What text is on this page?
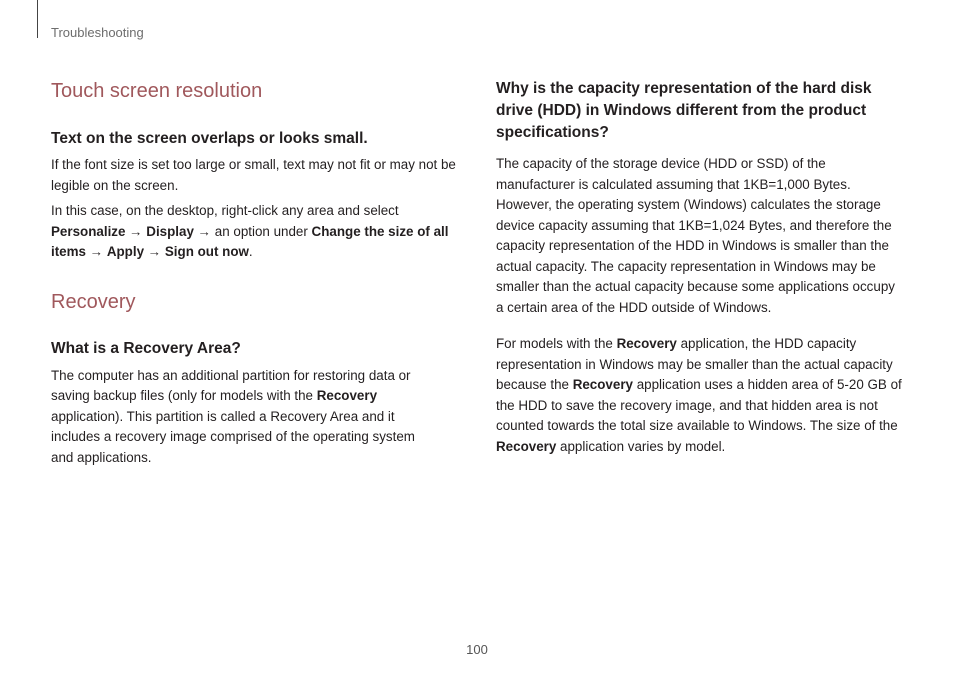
Troubleshooting
Touch screen resolution
Text on the screen overlaps or looks small.

If the font size is set too large or small, text may not fit or may not be legible on the screen.

In this case, on the desktop, right-click any area and select Personalize → Display → an option under Change the size of all items → Apply → Sign out now.

Recovery
What is a Recovery Area?

The computer has an additional partition for restoring data or saving backup files (only for models with the Recovery application). This partition is called a Recovery Area and it includes a recovery image comprised of the operating system and applications.

Why is the capacity representation of the hard disk drive (HDD) in Windows different from the product specifications?

The capacity of the storage device (HDD or SSD) of the manufacturer is calculated assuming that 1KB=1,000 Bytes. However, the operating system (Windows) calculates the storage device capacity assuming that 1KB=1,024 Bytes, and therefore the capacity representation of the HDD in Windows is smaller than the actual capacity. The capacity representation in Windows may be smaller than the actual capacity because some applications occupy a certain area of the HDD outside of Windows.

For models with the Recovery application, the HDD capacity representation in Windows may be smaller than the actual capacity because the Recovery application uses a hidden area of 5-20 GB of the HDD to save the recovery image, and that hidden area is not counted towards the total size available to Windows. The size of the Recovery application varies by model.

100
